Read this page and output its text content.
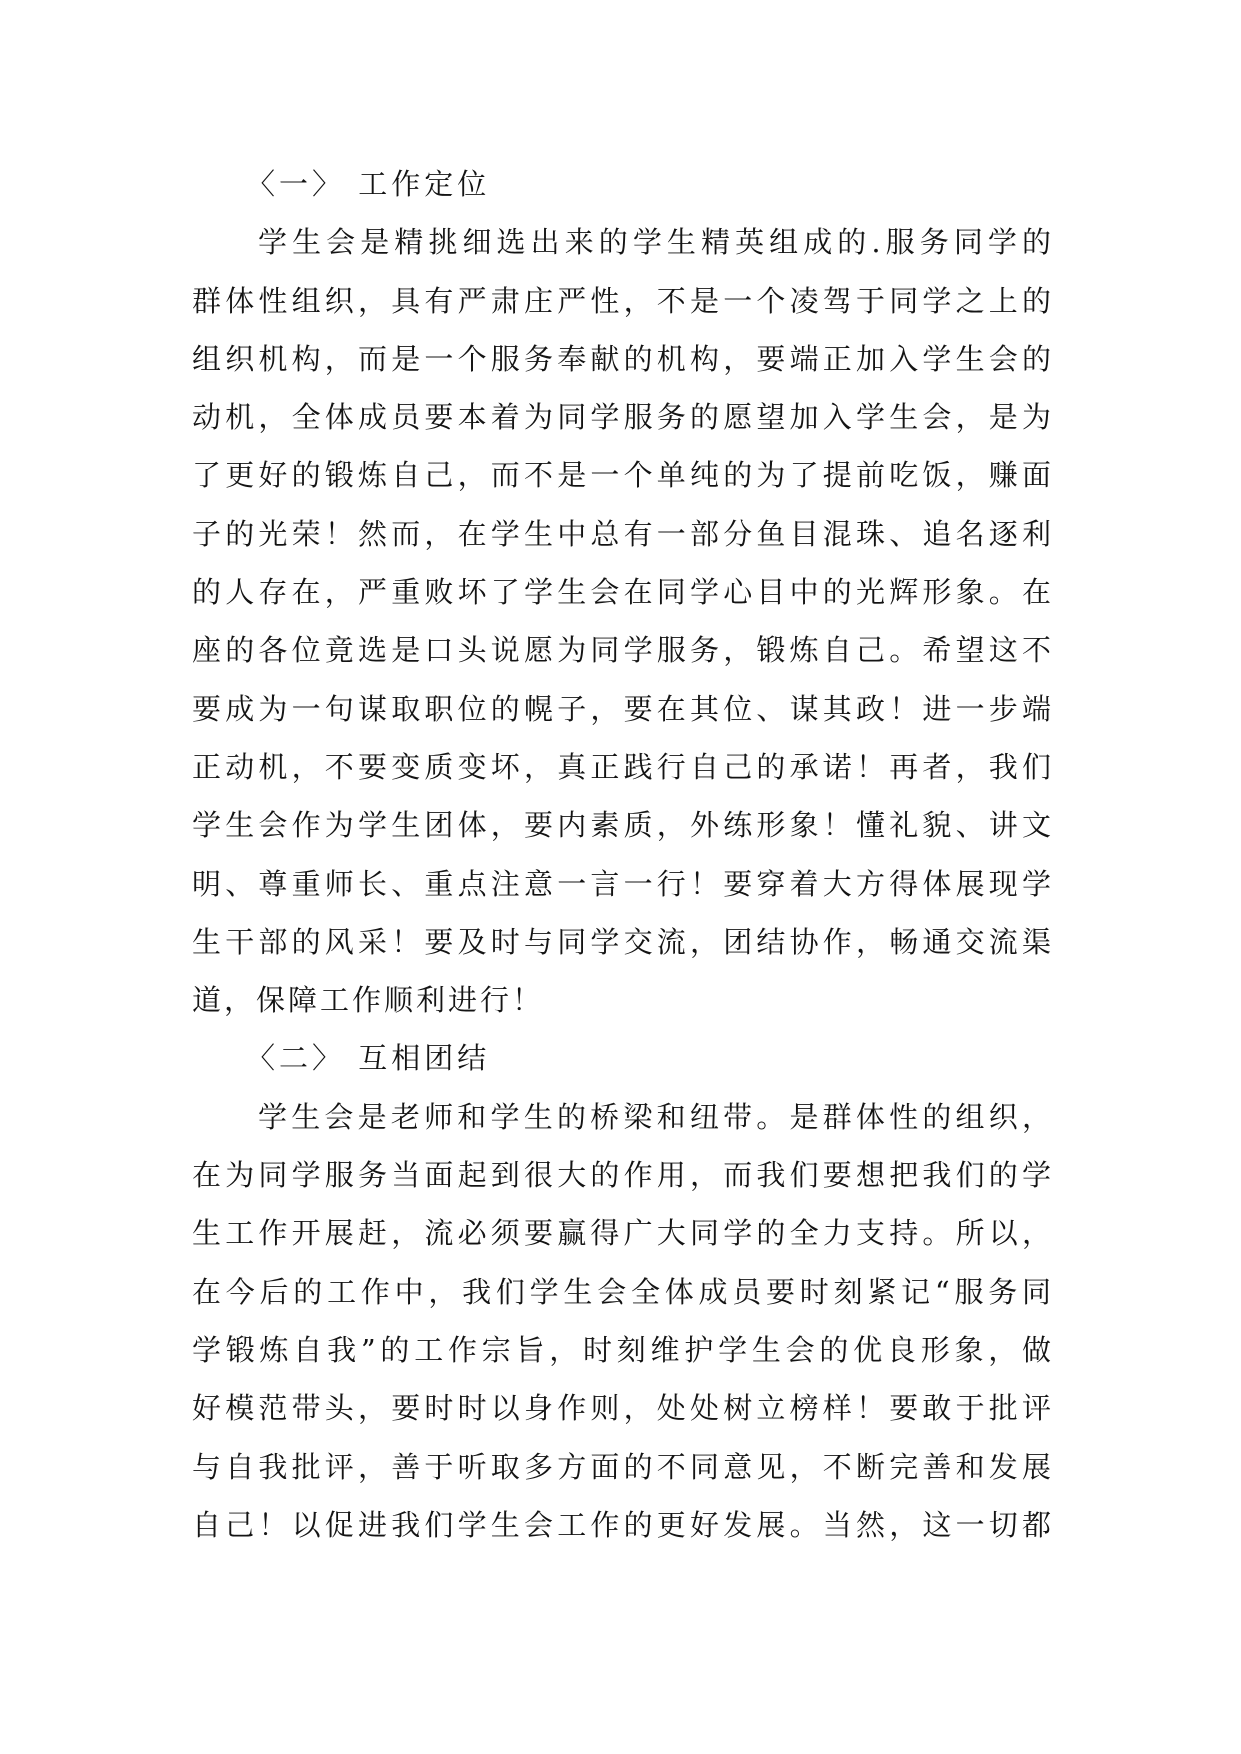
〈一〉 工作定位
学生会是精挑细选出来的学生精英组成的.服务同学的
群体性组织，具有严肃庄严性，不是一个凌驾于同学之上的
组织机构，而是一个服务奉献的机构，要端正加入学生会的
动机，全体成员要本着为同学服务的愿望加入学生会，是为
了更好的锻炼自己，而不是一个单纯的为了提前吃饭，赚面
子的光荣！然而，在学生中总有一部分鱼目混珠、追名逐利
的人存在，严重败坏了学生会在同学心目中的光辉形象。在
座的各位竟选是口头说愿为同学服务，锻炼自己。希望这不
要成为一句谋取职位的幌子，要在其位、谋其政！进一步端
正动机，不要变质变坏，真正践行自己的承诺！再者，我们
学生会作为学生团体，要内素质，外练形象！懂礼貌、讲文
明、尊重师长、重点注意一言一行！要穿着大方得体展现学
生干部的风采！要及时与同学交流，团结协作，畅通交流渠
道，保障工作顺利进行！
〈二〉 互相团结
学生会是老师和学生的桥梁和纽带。是群体性的组织，
在为同学服务当面起到很大的作用，而我们要想把我们的学
生工作开展赶，流必须要赢得广大同学的全力支持。所以，
在今后的工作中，我们学生会全体成员要时刻紧记“服务同
学锻炼自我”的工作宗旨，时刻维护学生会的优良形象，做
好模范带头，要时时以身作则，处处树立榜样！要敢于批评
与自我批评，善于听取多方面的不同意见，不断完善和发展
自己！以促进我们学生会工作的更好发展。当然，这一切都
